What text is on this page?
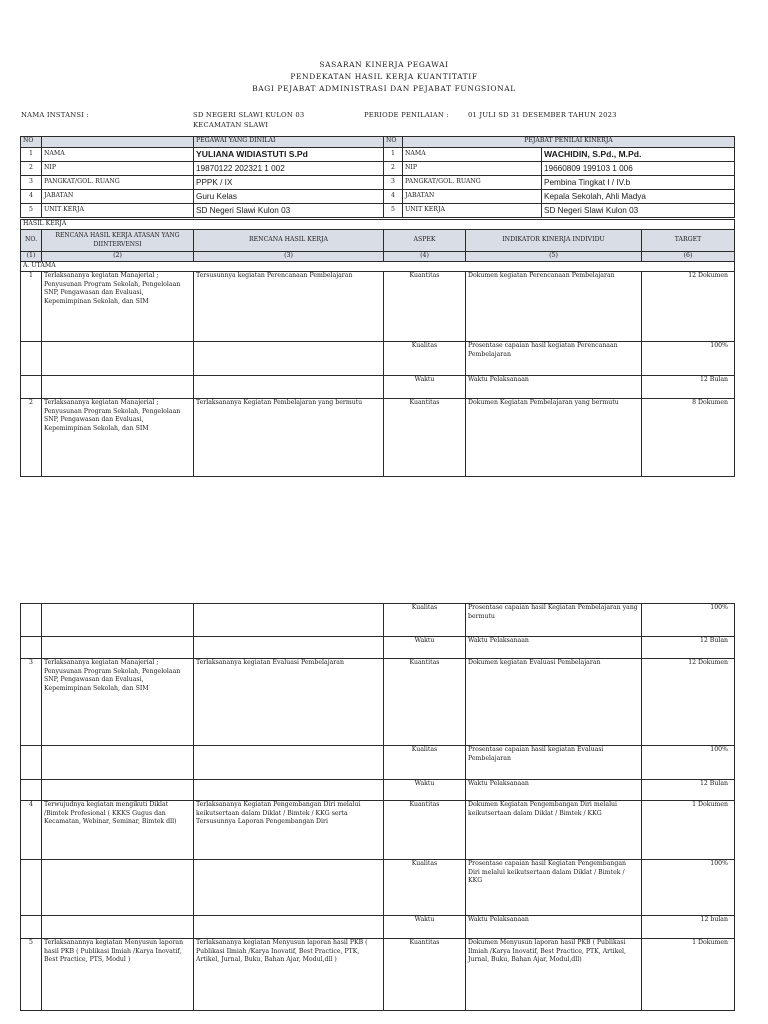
SASARAN KINERJA PEGAWAI
PENDEKATAN HASIL KERJA KUANTITATIF
BAGI PEJABAT ADMINISTRASI DAN PEJABAT FUNGSIONAL
NAMA INSTANSI :	SD NEGERI SLAWI KULON 03
KECAMATAN SLAWI
PERIODE PENILAIAN :	01 JULI SD 31 DESEMBER TAHUN 2023
NO		PEGAWAI YANG DINILAI	NO	PEJABAT PENILAI KINERJA	
1	NAMA	YULIANA WIDIASTUTI S.Pd	1	NAMA	WACHIDIN, S.Pd., M.Pd.
2	NIP	19870122 202321 1 002	2	NIP	19660809 199103 1 006
3	PANGKAT/GOL. RUANG	PPPK / IX	3	PANGKAT/GOL. RUANG	Pembina Tingkat I / IV.b
4	JABATAN	Guru Kelas	4	JABATAN	Kepala Sekolah, Ahli Madya
5	UNIT KERJA	SD Negeri Slawi Kulon 03	5	UNIT KERJA	SD Negeri Slawi Kulon 03
HASIL KERJA					
NO.	RENCANA HASIL KERJA ATASAN YANG DIINTERVENSI	RENCANA HASIL KERJA	ASPEK	INDIKATOR KINERJA INDIVIDU	TARGET
(1)	(2)	(3)	(4)	(5)	(6)
A. UTAMA					
1	Terlaksananya kegiatan Manajerial ; Penyusunan Program Sekolah, Pengelolaan SNP, Pengawasan dan Evaluasi, Kepemimpinan Sekolah, dan SIM	Tersusunnya kegiatan Perencanaan Pembelajaran	Kuantitas	Dokumen kegiatan Perencanaan Pembelajaran	12 Dokumen
			Kualitas	Prosentase capaian hasil kegiatan Perencanaan Pembelajaran	100%
			Waktu	Waktu Pelaksanaan	12 Bulan
2	Terlaksananya kegiatan Manajerial ; Penyusunan Program Sekolah, Pengelolaan SNP, Pengawasan dan Evaluasi, Kepemimpinan Sekolah, dan SIM	Terlaksananya Kegiatan Pembelajaran yang bermutu	Kuantitas	Dokumen Kegiatan Pembelajaran yang bermutu	8 Dokumen
			Kualitas	Prosentase capaian hasil Kegiatan Pembelajaran yang bermutu	100%
			Waktu	Waktu Pelaksanaan	12 Bulan
3	Terlaksananya kegiatan Manajerial ; Penyusunan Program Sekolah, Pengelolaan SNP, Pengawasan dan Evaluasi, Kepemimpinan Sekolah, dan SIM	Terlaksananya kegiatan Evaluasi Pembelajaran	Kuantitas	Dokumen kegiatan Evaluasi Pembelajaran	12 Dokumen
			Kualitas	Prosentase capaian hasil kegiatan Evaluasi Pembelajaran	100%
			Waktu	Waktu Pelaksanaan	12 Bulan
4	Terwujudnya kegiatan mengikuti Diklat /Bimtek Profesional ( KKKS Gugus dan Kecamatan, Webinar, Seminar, Bimtek dll)	Terlaksananya Kegiatan Pengembangan Diri melalui keikutsertaan dalam Diklat / Bimtek / KKG serta Tersusunnya Laporan Pengembangan Diri	Kuantitas	Dokumen Kegiatan Pengembangan Diri melalui keikutsertaan dalam Diklat / Bimtek / KKG	1 Dokumen
			Kualitas	Prosentase capaian hasil Kegiatan Pengembangan Diri melalui keikutsertaan dalam Diklat / Bimtek / KKG	100%
			Waktu	Waktu Pelaksanaan	12 bulan
5	Terlaksanannya kegiatan Menyusun laporan hasil PKB ( Publikasi Ilmiah /Karya Inovatif, Best Practice, PTS, Modul )	Terlaksananya kegiatan Menyusun laporan hasil PKB ( Publikasi Ilmiah /Karya Inovatif, Best Practice, PTK, Artikel, Jurnal, Buku, Bahan Ajar, Modul,dll )	Kuantitas	Dokumen Menyusun laporan hasil PKB ( Publikasi Ilmiah /Karya Inovatif, Best Practice, PTK, Artikel, Jurnal, Buku, Bahan Ajar, Modul,dll)	1 Dokumen
